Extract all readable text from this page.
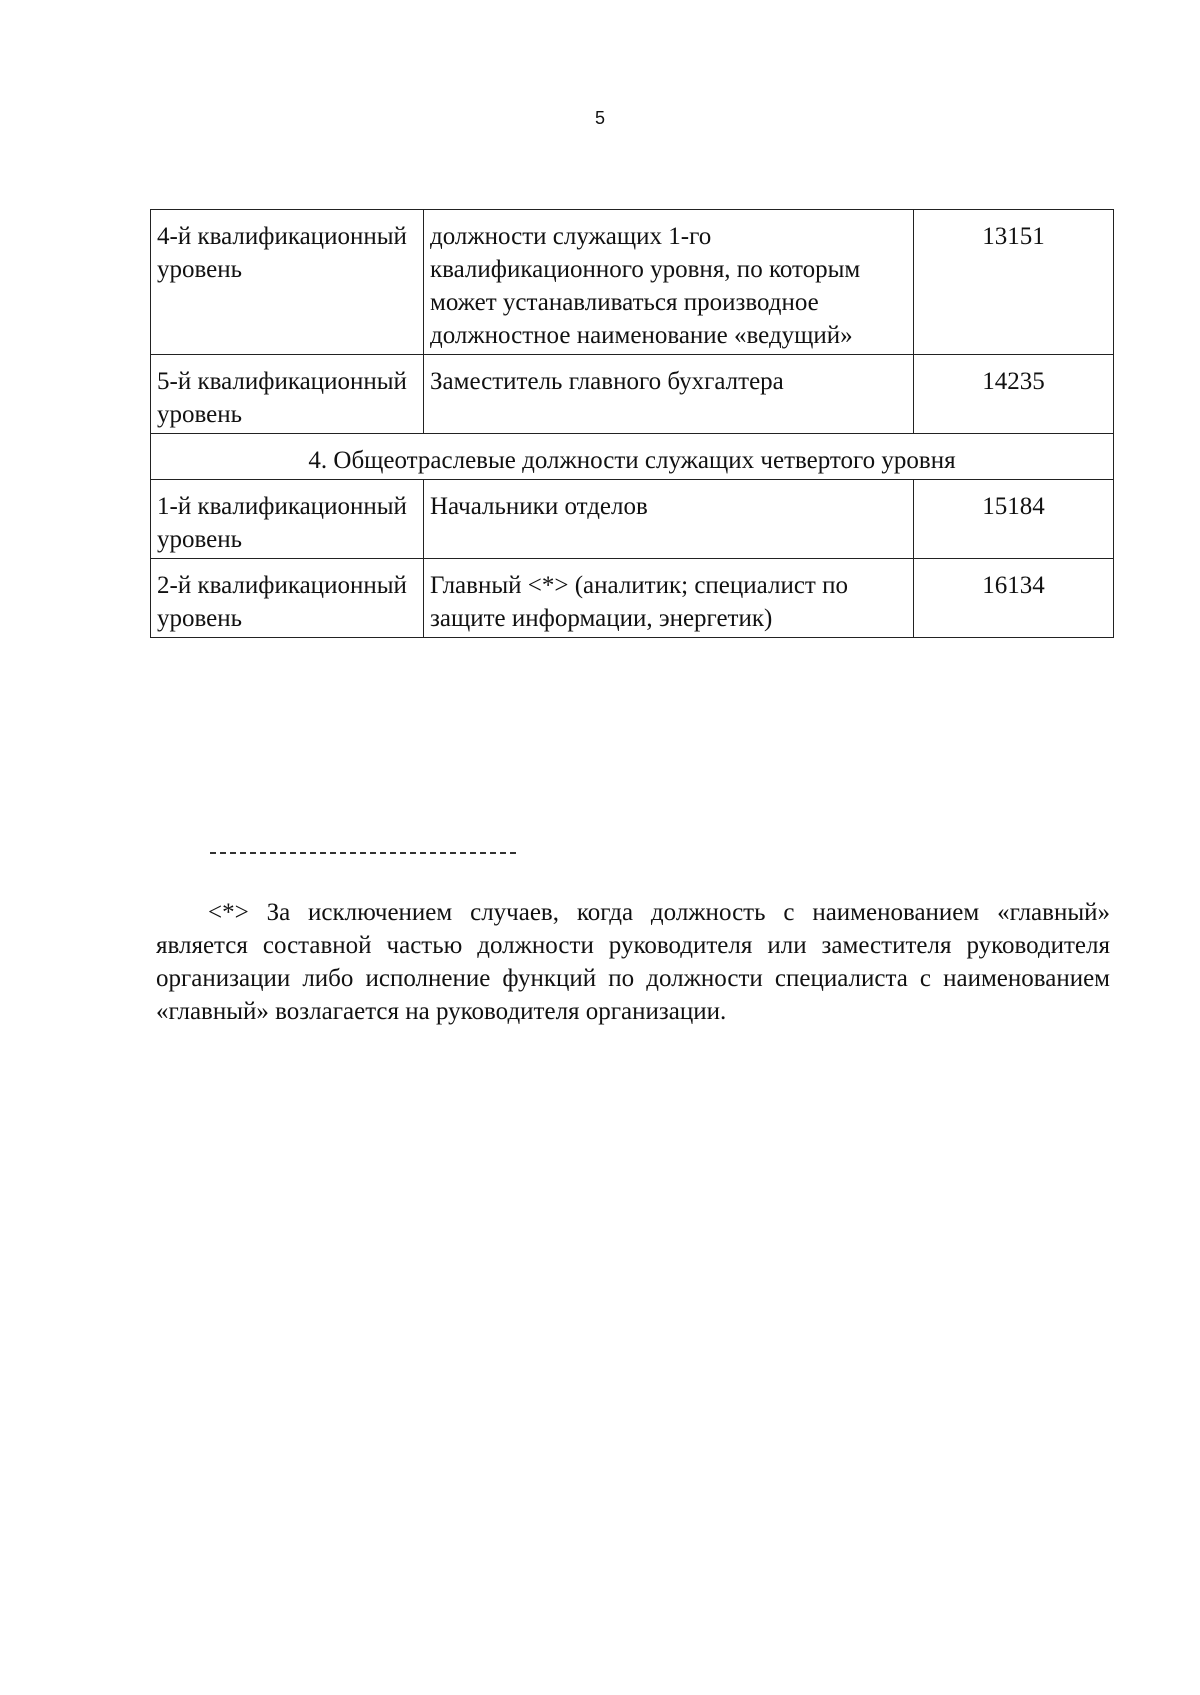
5
4-й квалификационный уровень	должности служащих 1-го квалификационного уровня, по которым может устанавливаться производное должностное наименование «ведущий»	13151
5-й квалификационный уровень	Заместитель главного бухгалтера	14235
4. Общеотраслевые должности служащих четвертого уровня		
1-й квалификационный уровень	Начальники отделов	15184
2-й квалификационный уровень	Главный <*> (аналитик; специалист по защите информации, энергетик)	16134

<*> За исключением случаев, когда должность с наименованием «главный» является составной частью должности руководителя или заместителя руководителя организации либо исполнение функций по должности специалиста с наименованием «главный» возлагается на руководителя организации.
